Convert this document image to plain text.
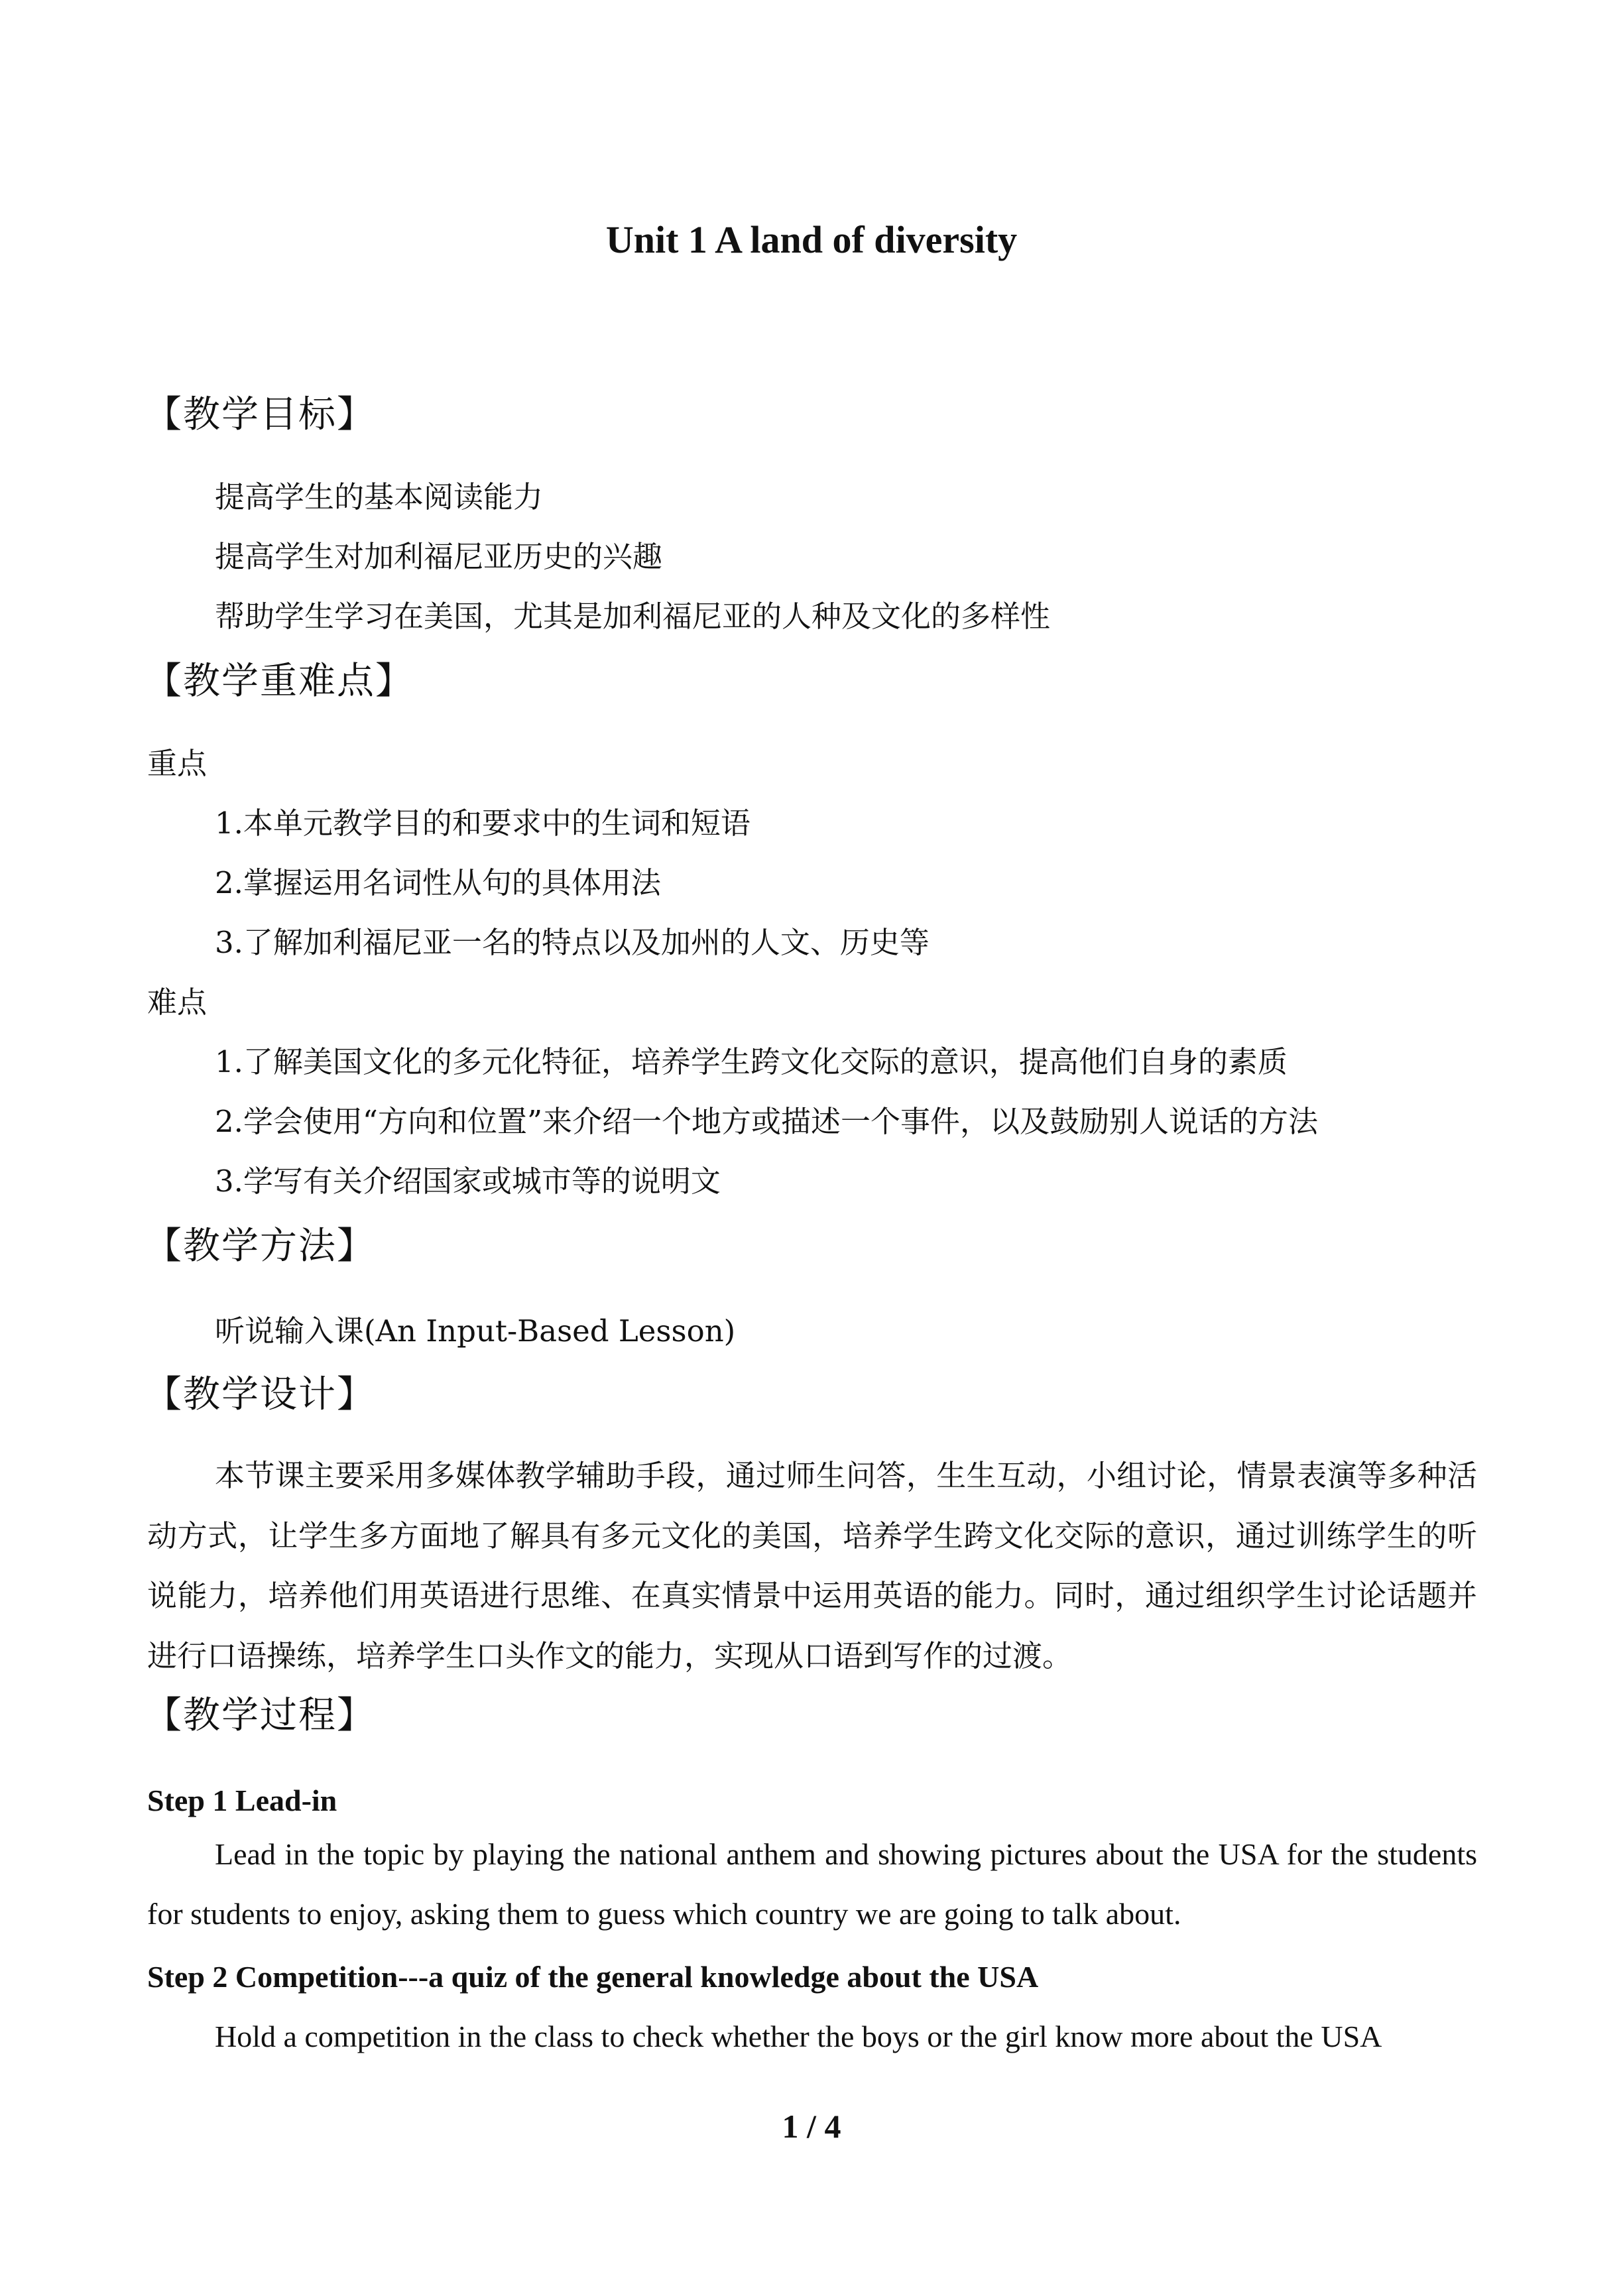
Unit 1 A land of diversity
【教学目标】

提高学生的基本阅读能力

提高学生对加利福尼亚历史的兴趣

帮助学生学习在美国，尤其是加利福尼亚的人种及文化的多样性

【教学重难点】

重点

1.本单元教学目的和要求中的生词和短语

2.掌握运用名词性从句的具体用法

3.了解加利福尼亚一名的特点以及加州的人文、历史等

难点

1.了解美国文化的多元化特征，培养学生跨文化交际的意识，提高他们自身的素质

2.学会使用“方向和位置”来介绍一个地方或描述一个事件，以及鼓励别人说话的方法

3.学写有关介绍国家或城市等的说明文

【教学方法】

听说输入课(An Input-Based Lesson)

【教学设计】

本节课主要采用多媒体教学辅助手段，通过师生问答，生生互动，小组讨论，情景表演等多种活动方式，让学生多方面地了解具有多元文化的美国，培养学生跨文化交际的意识，通过训练学生的听说能力，培养他们用英语进行思维、在真实情景中运用英语的能力。同时，通过组织学生讨论话题并进行口语操练，培养学生口头作文的能力，实现从口语到写作的过渡。

【教学过程】

Step 1 Lead-in

Lead in the topic by playing the national anthem and showing pictures about the USA for the students for students to enjoy, asking them to guess which country we are going to talk about.

Step 2 Competition---a quiz of the general knowledge about the USA

Hold a competition in the class to check whether the boys or the girl know more about the USA

1 / 4
